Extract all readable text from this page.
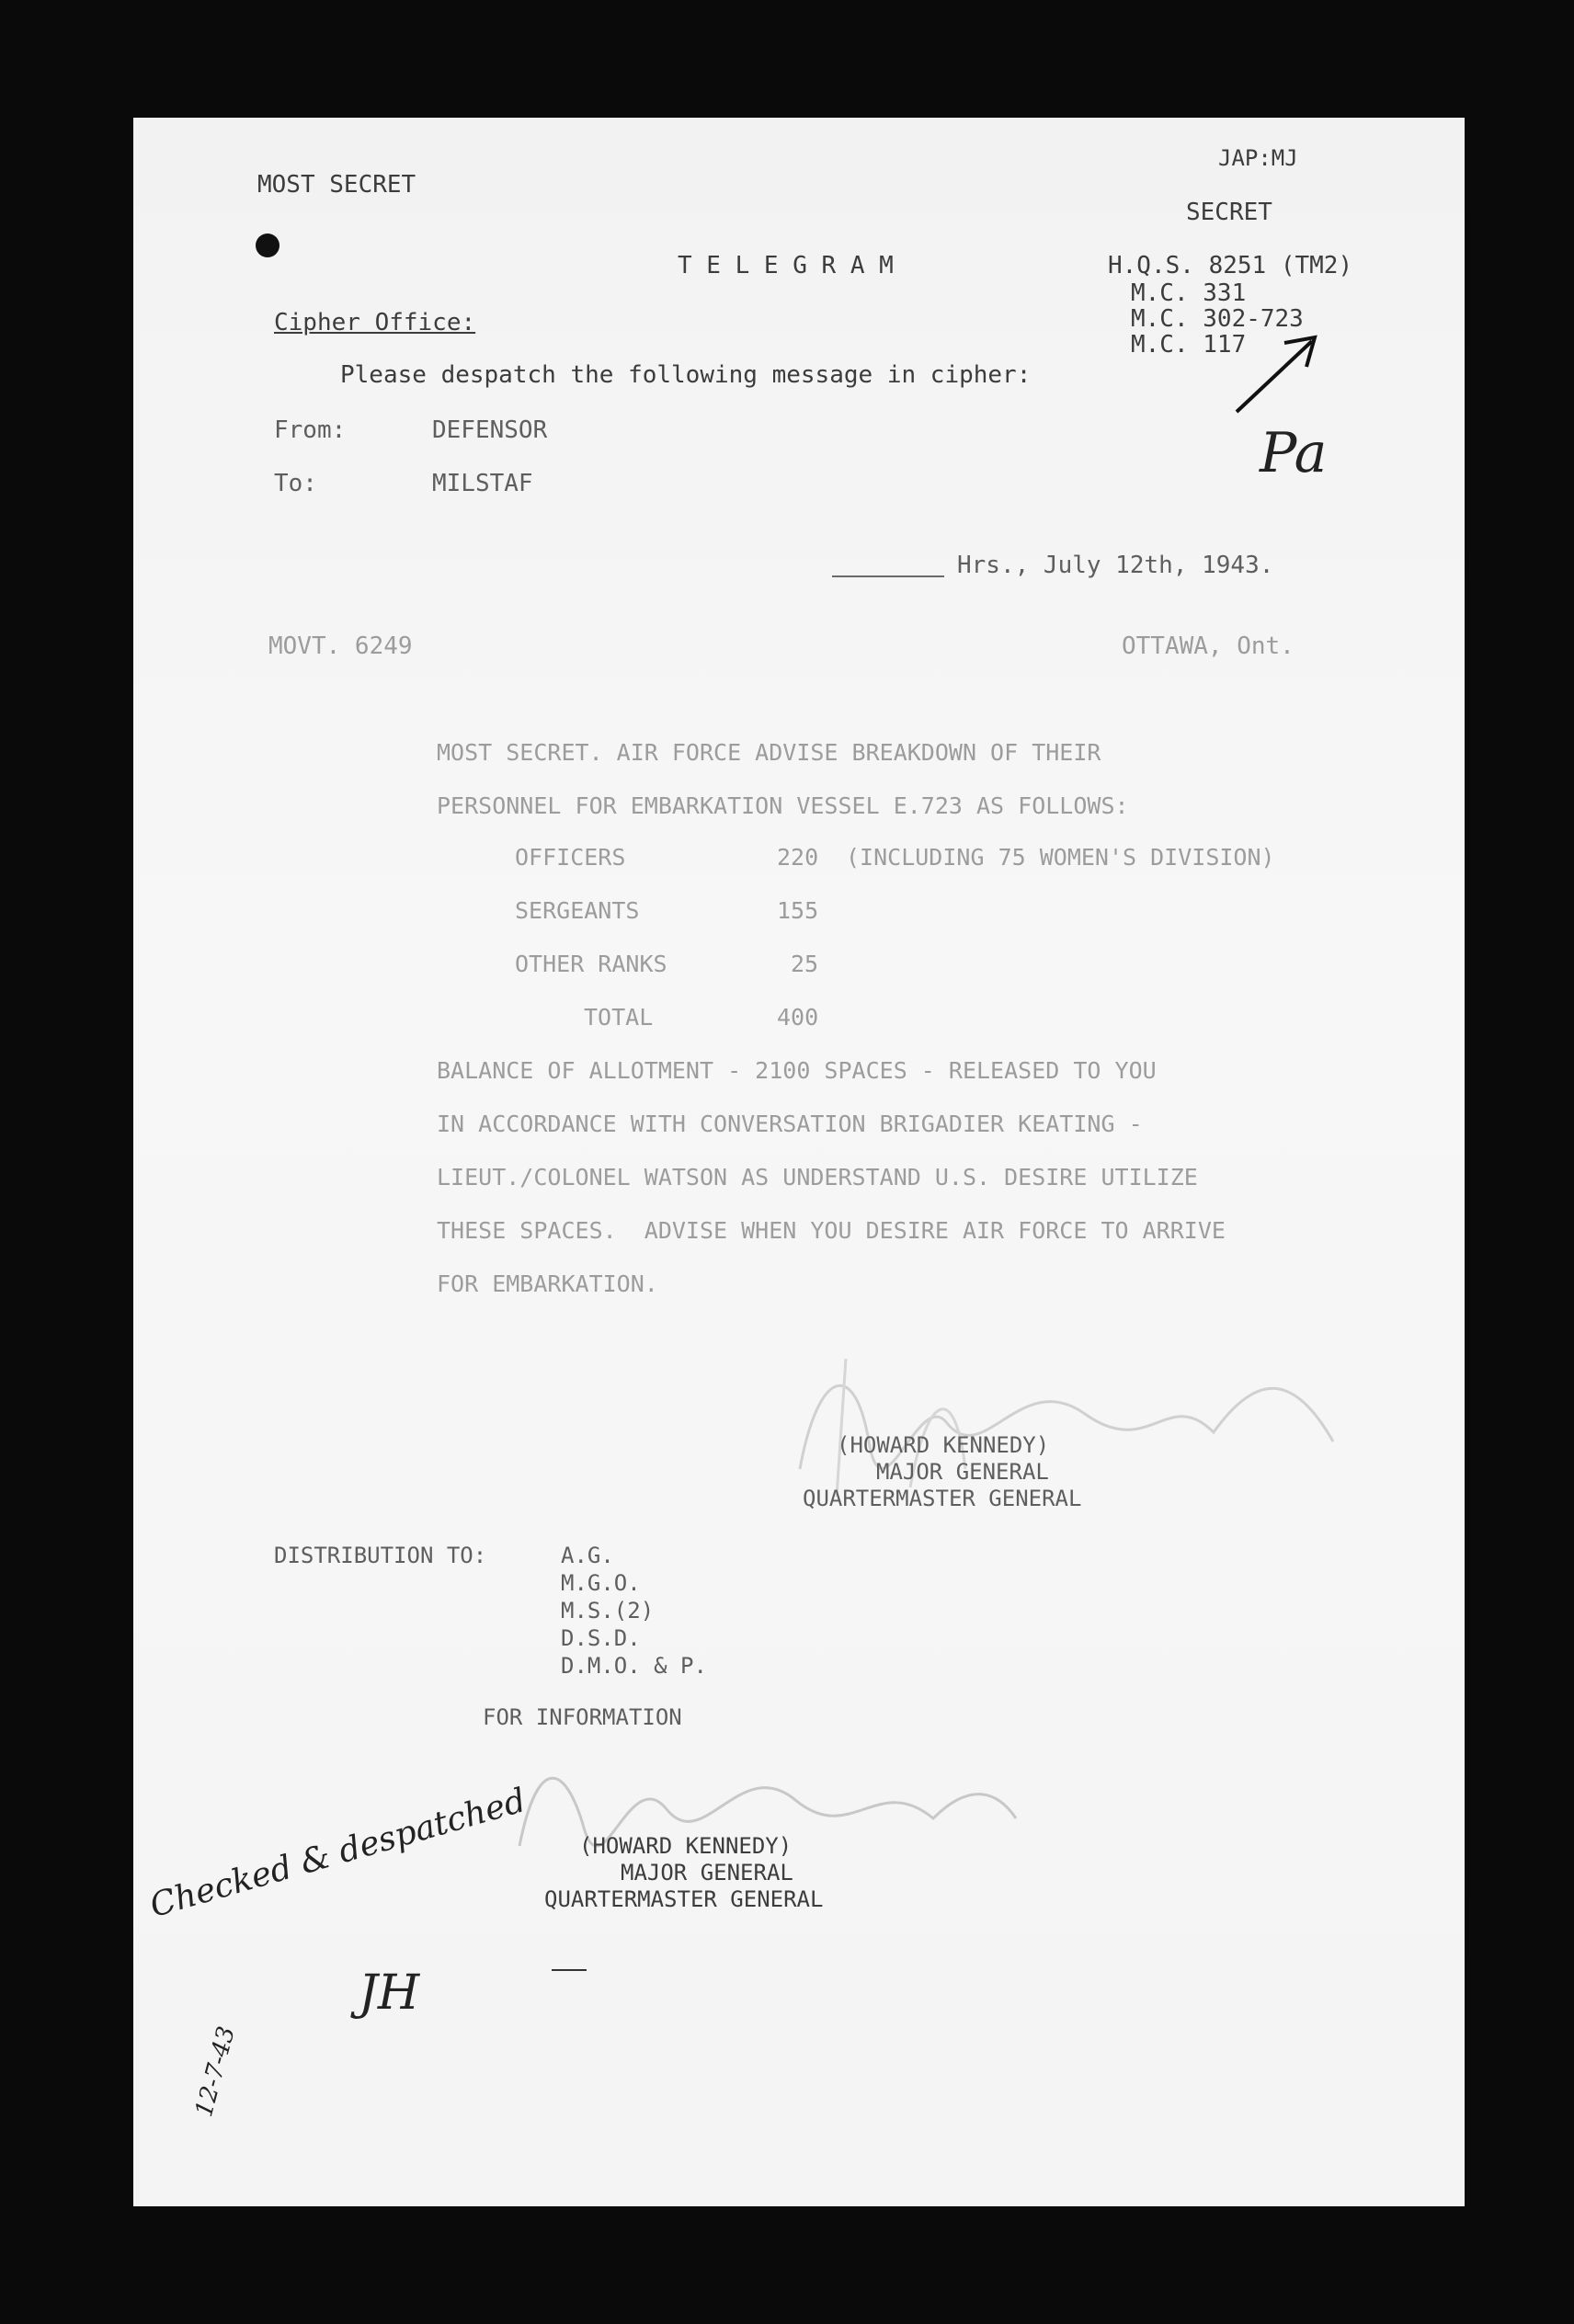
MOST SECRET
JAP:MJ
SECRET
T E L E G R A M	H.Q.S. 8251 (TM2)
M.C. 331
M.C. 302-723
M.C. 117
Pa
Cipher Office:
Please despatch the following message in cipher:
From:	DEFENSOR
To:	MILSTAF
Hrs., July 12th, 1943.
MOVT. 6249	OTTAWA, Ont.
MOST SECRET. AIR FORCE ADVISE BREAKDOWN OF THEIR
PERSONNEL FOR EMBARKATION VESSEL E.723 AS FOLLOWS:
OFFICERS	220 (INCLUDING 75 WOMEN'S DIVISION)
SERGEANTS	155
OTHER RANKS	25
TOTAL	400
BALANCE OF ALLOTMENT - 2100 SPACES - RELEASED TO YOU
IN ACCORDANCE WITH CONVERSATION BRIGADIER KEATING -
LIEUT./COLONEL WATSON AS UNDERSTAND U.S. DESIRE UTILIZE
THESE SPACES.  ADVISE WHEN YOU DESIRE AIR FORCE TO ARRIVE
FOR EMBARKATION.
(HOWARD KENNEDY)
MAJOR GENERAL
QUARTERMASTER GENERAL
DISTRIBUTION TO:	A.G.
M.G.O.
M.S.(2)
D.S.D.
D.M.O. & P.
FOR INFORMATION
(HOWARD KENNEDY)
MAJOR GENERAL
QUARTERMASTER GENERAL
Checked & despatched
JH
12-7-43
